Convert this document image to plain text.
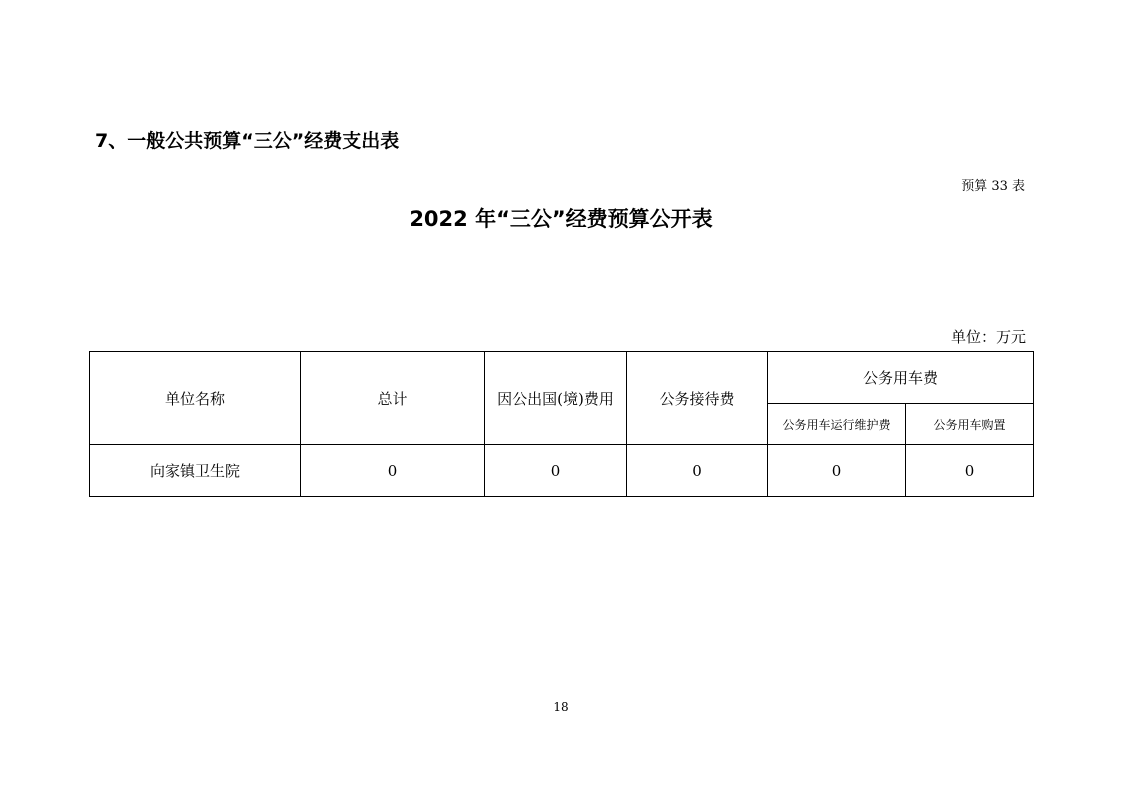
7、一般公共预算“三公”经费支出表
预算 33 表
2022 年“三公”经费预算公开表
单位：万元
单位名称	总计	因公出国(境)费用	公务接待费	公务用车费	
				公务用车运行维护费	公务用车购置
向家镇卫生院	0	0	0	0	0
18
